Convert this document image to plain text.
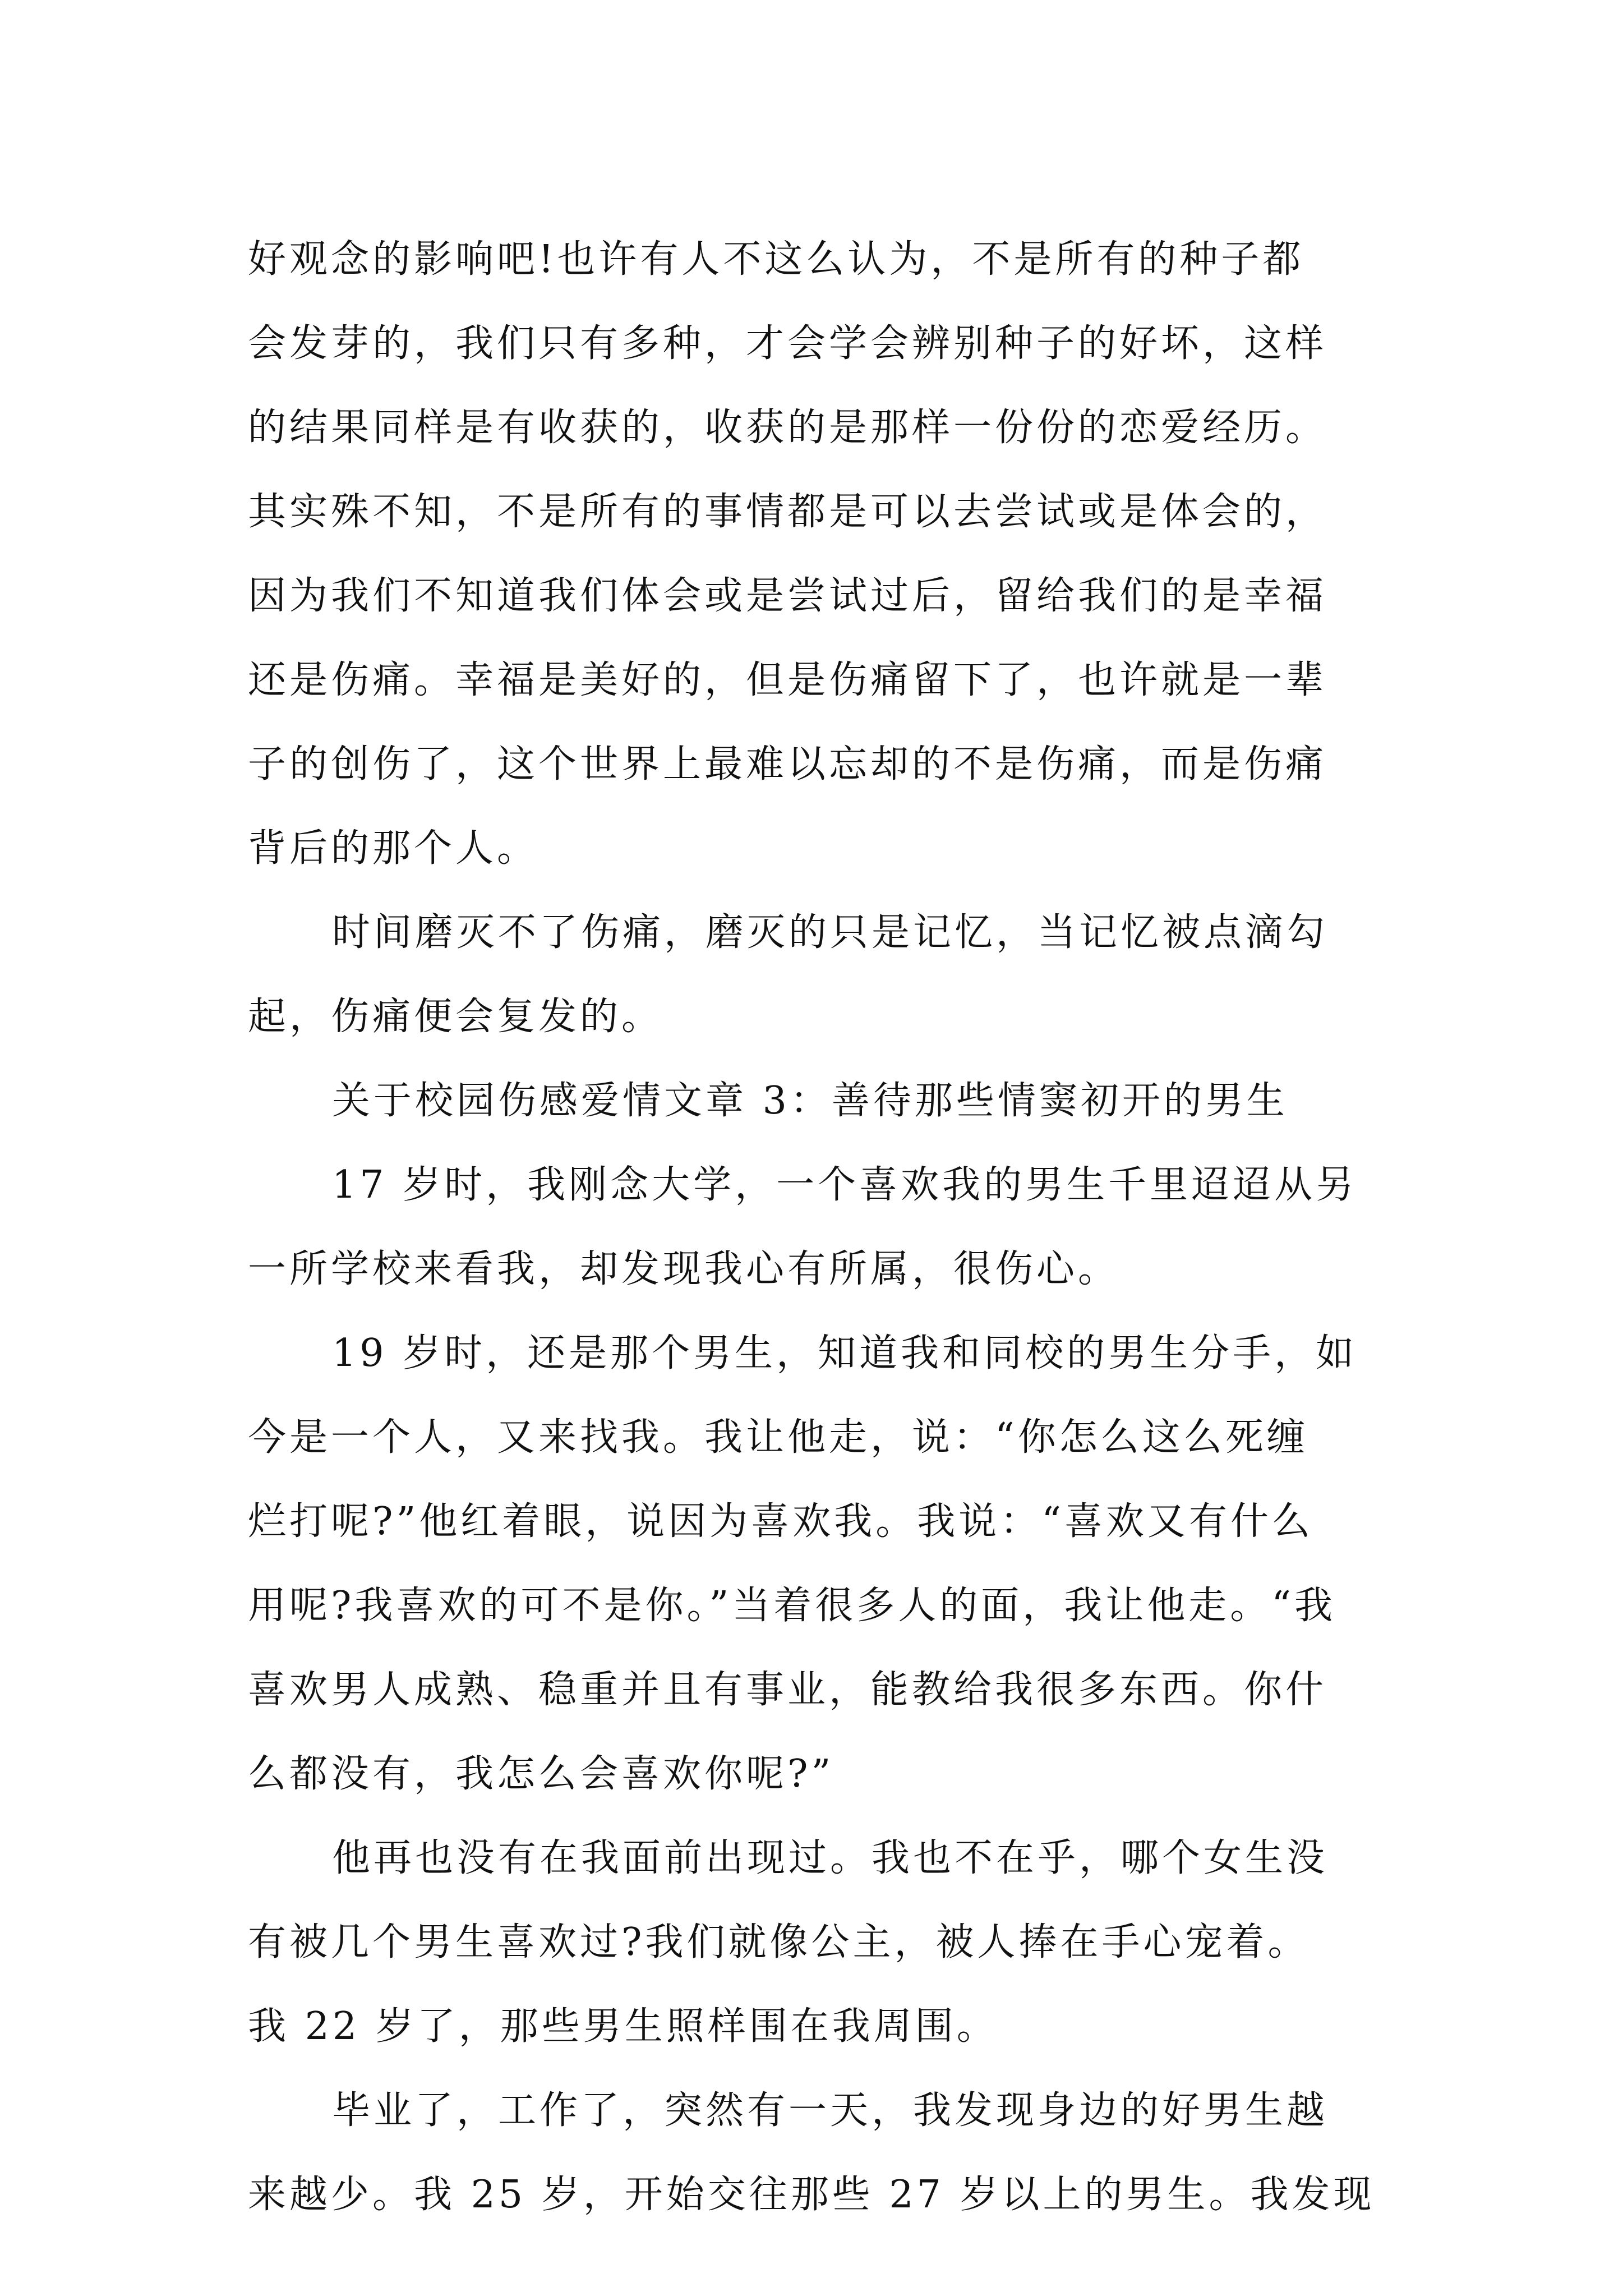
好观念的影响吧!也许有人不这么认为，不是所有的种子都
会发芽的，我们只有多种，才会学会辨别种子的好坏，这样
的结果同样是有收获的，收获的是那样一份份的恋爱经历。
其实殊不知，不是所有的事情都是可以去尝试或是体会的，
因为我们不知道我们体会或是尝试过后，留给我们的是幸福
还是伤痛。幸福是美好的，但是伤痛留下了，也许就是一辈
子的创伤了，这个世界上最难以忘却的不是伤痛，而是伤痛
背后的那个人。
时间磨灭不了伤痛，磨灭的只是记忆，当记忆被点滴勾
起，伤痛便会复发的。
关于校园伤感爱情文章 3：善待那些情窦初开的男生
17 岁时，我刚念大学，一个喜欢我的男生千里迢迢从另
一所学校来看我，却发现我心有所属，很伤心。
19 岁时，还是那个男生，知道我和同校的男生分手，如
今是一个人，又来找我。我让他走，说：“你怎么这么死缠
烂打呢?”他红着眼，说因为喜欢我。我说：“喜欢又有什么
用呢?我喜欢的可不是你。”当着很多人的面，我让他走。“我
喜欢男人成熟、稳重并且有事业，能教给我很多东西。你什
么都没有，我怎么会喜欢你呢?”
他再也没有在我面前出现过。我也不在乎，哪个女生没
有被几个男生喜欢过?我们就像公主，被人捧在手心宠着。
我 22 岁了，那些男生照样围在我周围。
毕业了，工作了，突然有一天，我发现身边的好男生越
来越少。我 25 岁，开始交往那些 27 岁以上的男生。我发现
